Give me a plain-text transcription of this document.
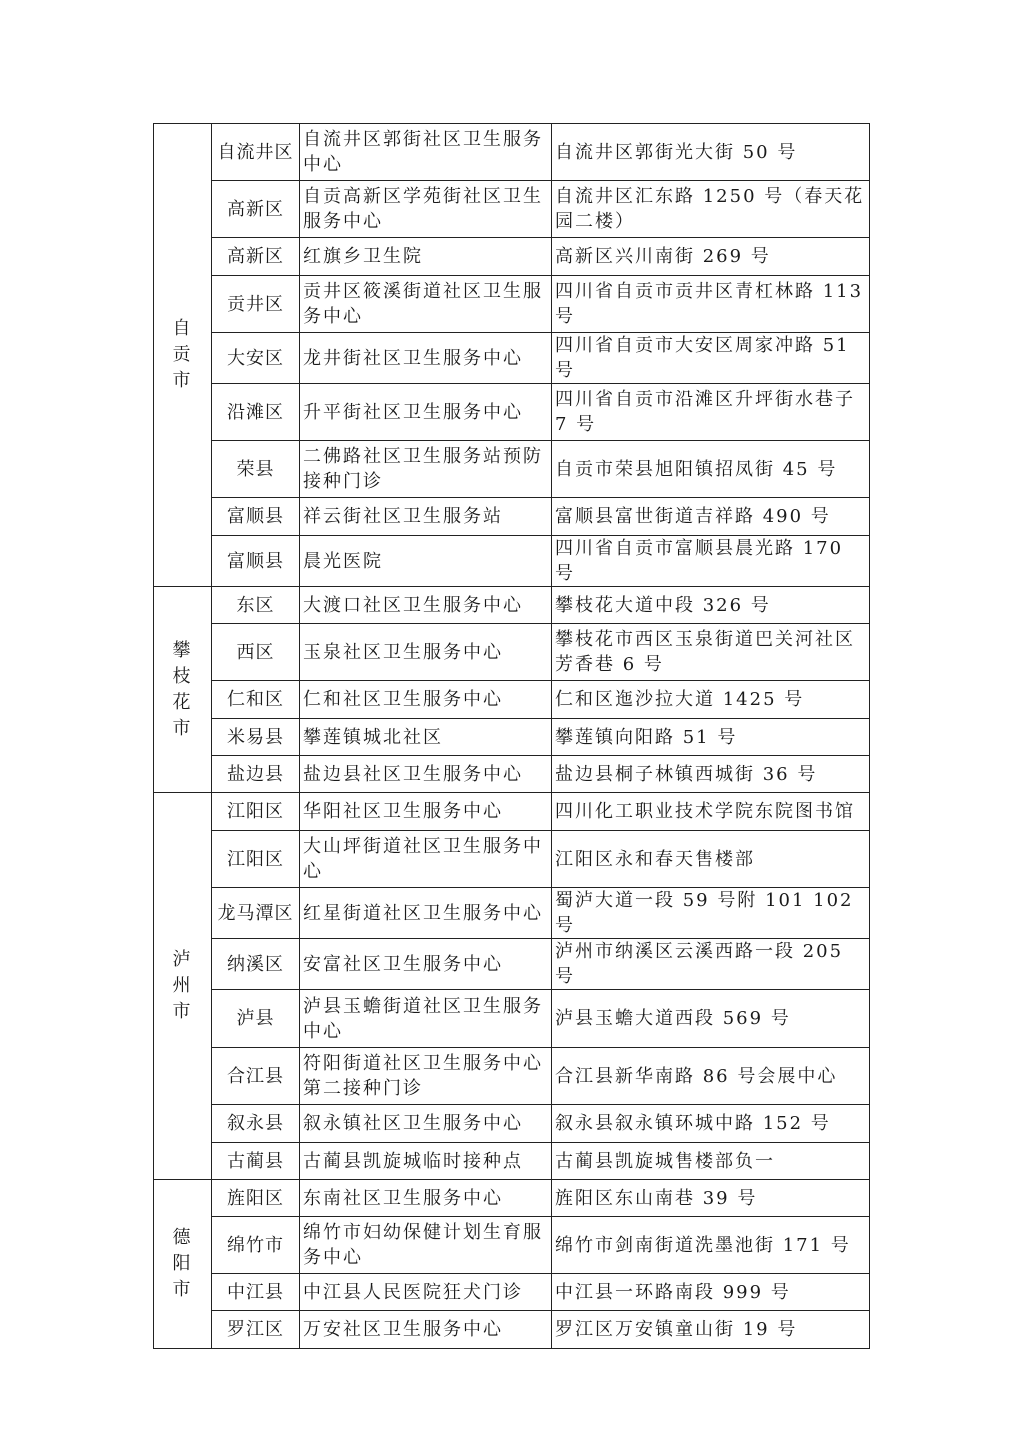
自贡市	自流井区	自流井区郭街社区卫生服务中心	自流井区郭街光大街 50 号
	高新区	自贡高新区学苑街社区卫生服务中心	自流井区汇东路 1250 号（春天花园二楼）
	高新区	红旗乡卫生院	高新区兴川南街 269 号
	贡井区	贡井区筱溪街道社区卫生服务中心	四川省自贡市贡井区青杠林路 113 号
	大安区	龙井街社区卫生服务中心	四川省自贡市大安区周家冲路 51 号
	沿滩区	升平街社区卫生服务中心	四川省自贡市沿滩区升坪街水巷子 7 号
	荣县	二佛路社区卫生服务站预防接种门诊	自贡市荣县旭阳镇招凤街 45 号
	富顺县	祥云街社区卫生服务站	富顺县富世街道吉祥路 490 号
	富顺县	晨光医院	四川省自贡市富顺县晨光路 170 号
攀枝花市	东区	大渡口社区卫生服务中心	攀枝花大道中段 326 号
	西区	玉泉社区卫生服务中心	攀枝花市西区玉泉街道巴关河社区芳香巷 6 号
	仁和区	仁和社区卫生服务中心	仁和区迤沙拉大道 1425 号
	米易县	攀莲镇城北社区	攀莲镇向阳路 51 号
	盐边县	盐边县社区卫生服务中心	盐边县桐子林镇西城街 36 号
泸州市	江阳区	华阳社区卫生服务中心	四川化工职业技术学院东院图书馆
	江阳区	大山坪街道社区卫生服务中心	江阳区永和春天售楼部
	龙马潭区	红星街道社区卫生服务中心	蜀泸大道一段 59 号附 101 102 号
	纳溪区	安富社区卫生服务中心	泸州市纳溪区云溪西路一段 205 号
	泸县	泸县玉蟾街道社区卫生服务中心	泸县玉蟾大道西段 569 号
	合江县	符阳街道社区卫生服务中心第二接种门诊	合江县新华南路 86 号会展中心
	叙永县	叙永镇社区卫生服务中心	叙永县叙永镇环城中路 152 号
	古蔺县	古蔺县凯旋城临时接种点	古蔺县凯旋城售楼部负一
德阳市	旌阳区	东南社区卫生服务中心	旌阳区东山南巷 39 号
	绵竹市	绵竹市妇幼保健计划生育服务中心	绵竹市剑南街道洗墨池街 171 号
	中江县	中江县人民医院狂犬门诊	中江县一环路南段 999 号
	罗江区	万安社区卫生服务中心	罗江区万安镇童山街 19 号
